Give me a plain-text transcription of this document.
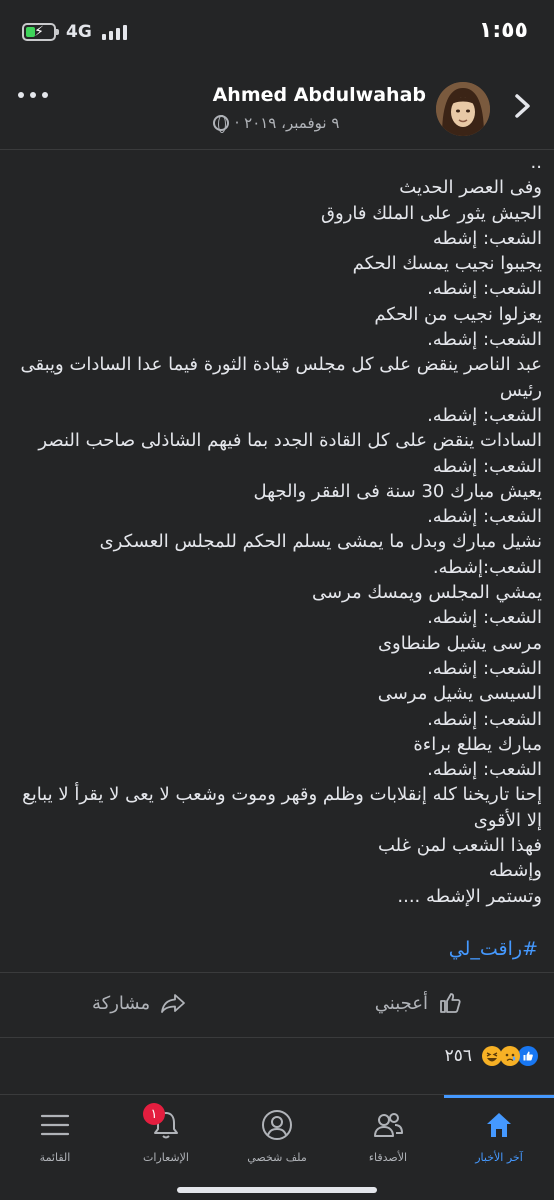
⚡ 4G	١:٥٥
Ahmed Abdulwahab
٩ نوفمبر، ٢٠١٩ ·
..
وفى العصر الحديث
الجيش يثور على الملك فاروق
الشعب: إشطه
يجيبوا نجيب يمسك الحكم
الشعب: إشطه.
يعزلوا نجيب من الحكم
الشعب: إشطه.
عبد الناصر ينقض على كل مجلس قيادة الثورة فيما عدا السادات ويبقى
رئيس
الشعب: إشطه.
السادات ينقض على كل القادة الجدد بما فيهم الشاذلى صاحب النصر
الشعب: إشطه
يعيش مبارك 30 سنة فى الفقر والجهل
الشعب: إشطه.
نشيل مبارك وبدل ما يمشى يسلم الحكم للمجلس العسكرى
الشعب:إشطه.
يمشي المجلس ويمسك مرسى
الشعب: إشطه.
مرسى يشيل طنطاوى
الشعب: إشطه.
السيسى يشيل مرسى
الشعب: إشطه.
مبارك يطلع براءة
الشعب: إشطه.
إحنا تاريخنا كله إنقلابات وظلم وقهر وموت وشعب لا يعى لا يقرأ لا يبايع
إلا الأقوى
فهذا الشعب لمن غلب
وإشطه
وتستمر الإشطه ....
#راقت_لي
أعجبني
مشاركة
٢٥٦
آخر الأخبار
الأصدقاء
ملف شخصي
١
الإشعارات
القائمة
